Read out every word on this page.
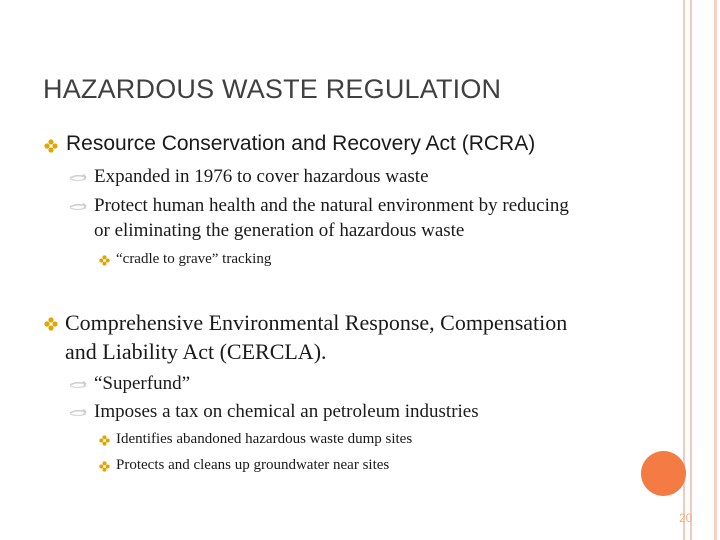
HAZARDOUS WASTE REGULATION
Resource Conservation and Recovery Act (RCRA)
Expanded in 1976 to cover hazardous waste
Protect human health and the natural environment by reducing
or eliminating the generation of hazardous waste
“cradle to grave” tracking
Comprehensive Environmental Response, Compensation
and Liability Act (CERCLA).
“Superfund”
Imposes a tax on chemical an petroleum industries
Identifies abandoned hazardous waste dump sites
Protects and cleans up groundwater near sites
20
